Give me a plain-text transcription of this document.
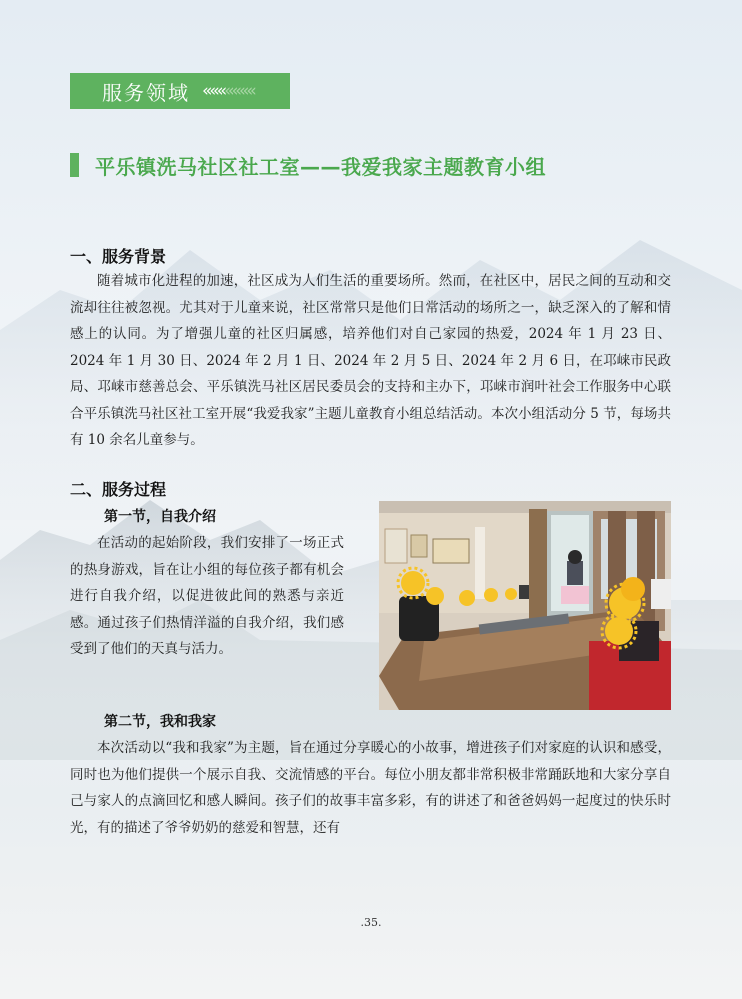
服务领域 «««««««
平乐镇洗马社区社工室——我爱我家主题教育小组
一、服务背景

随着城市化进程的加速，社区成为人们生活的重要场所。然而，在社区中，居民之间的互动和交流却往往被忽视。尤其对于儿童来说，社区常常只是他们日常活动的场所之一，缺乏深入的了解和情感上的认同。为了增强儿童的社区归属感，培养他们对自己家园的热爱，2024 年 1 月 23 日、2024 年 1 月 30 日、2024 年 2 月 1 日、2024 年 2 月 5 日、2024 年 2 月 6 日，在邛崃市民政局、邛崃市慈善总会、平乐镇洗马社区居民委员会的支持和主办下，邛崃市润叶社会工作服务中心联合平乐镇洗马社区社工室开展“我爱我家”主题儿童教育小组总结活动。本次小组活动分 5 节，每场共有 10 余名儿童参与。

二、服务过程
第一节，自我介绍

在活动的起始阶段，我们安排了一场正式的热身游戏，旨在让小组的每位孩子都有机会进行自我介绍，以促进彼此间的熟悉与亲近感。通过孩子们热情洋溢的自我介绍，我们感受到了他们的天真与活力。

第二节，我和我家

本次活动以“我和我家”为主题，旨在通过分享暖心的小故事，增进孩子们对家庭的认识和感受，同时也为他们提供一个展示自我、交流情感的平台。每位小朋友都非常积极非常踊跃地和大家分享自己与家人的点滴回忆和感人瞬间。孩子们的故事丰富多彩，有的讲述了和爸爸妈妈一起度过的快乐时光，有的描述了爷爷奶奶的慈爱和智慧，还有

.35.
